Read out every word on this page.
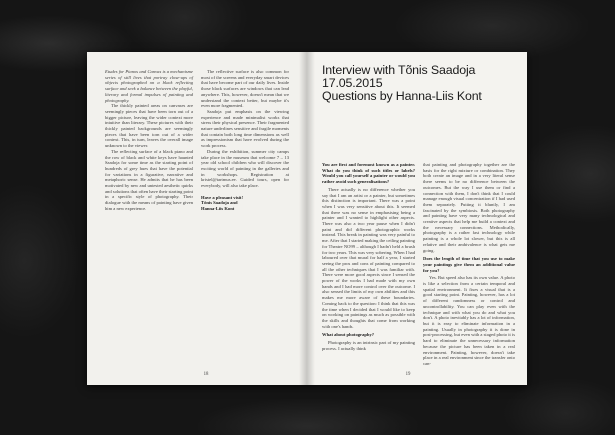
Etudes for Pianos and Canvas is a mechanisme series of still lives that portray close-ups of objects photographed on a black reflecting surface and seek a balance between the playful, literary and formal impulses of painting and photography.

The thickly painted areas on canvases are seemingly pieces that have been torn out of a bigger picture, leaving the wider context more intuitive than literary. These pictures with their thickly painted backgrounds are seemingly pieces that have been torn out of a wider context. This, in turn, leaves the overall image unknown to the viewer.

The reflecting surface of a black piano and the row of black and white keys have haunted Saadoja for some time as the starting point of hundreds of grey hues that have the potential for variations in a figurative, narrative and metaphoric sense. He admits that he has been motivated by new and untested aesthetic quirks and solutions that often have their starting point in a specific style of photography. Their dialogue with the means of painting have given him a new experience.

The reflective surface is also common for most of the screens and everyday smart devices that have become part of our daily lives. Inside those black surfaces are windows that can lead anywhere. This, however, doesn't mean that we understand the context better, but maybe it's even more fragmented.

Saadoja put emphasis on the viewing experience and made minimalist works that stress their physical presence. Their fragmented nature underlines sensitive and fragile moments that contain both long time dimensions as well as impressionism that have evolved during the work process.

During the exhibition, summer city camps take place in the museum that welcome 7 – 13 year old school children who will discover the exciting world of painting in the galleries and in workshops. Registration at kristel@tartmus.ee. Guided tours, open for everybody, will also take place.

Have a pleasant visit!
Tõnis Saadoja and
Hanna-Liis Kont
18
Interview with Tõnis Saadoja
17.05.2015
Questions by Hanna-Liis Kont

You are first and foremost known as a painter. What do you think of such titles or labels? Would you call yourself a painter or would you rather avoid such generalisations?

There actually is no difference whether you say that I am an artist or a painter, but sometimes this distinction is important. There was a point when I was very sensitive about this. It seemed that there was no sense in emphasising being a painter and I wanted to highlight other aspects. There was also a two year pause when I didn't paint and did different photographic works instead. This break in painting was very painful to me. After that I started making the ceiling painting for Theatre NO99 – although I hadn't held a brush for two years. This was very sobering. When I had laboured over that mural for half a year, I started seeing the pros and cons of painting compared to all the other techniques that I was familiar with. There were more good aspects since I sensed the power of the works I had made with my own hands and I had more control over the outcome. I also sensed the limits of my own abilities and this makes me more aware of these boundaries. Coming back to the question: I think that this was the time when I decided that I would like to keep on working on paintings as much as possible with the skills and thoughts that come from working with one's hands.

What about photography?

Photography is an intrinsic part of my painting process. I actually think

that painting and photography together are the basis for the right mixture or combination. They both create an image and in a very literal sense there seems to be no difference between the outcomes. But the way I use them or find a connection with them, I don't think that I could manage enough visual concentration if I had used them separately. Putting it bluntly, I am fascinated by the symbiosis. Both photography and painting have very many technological and creative aspects that help me build a context and the necessary connections. Methodically, photography is a rather fast technology while painting is a whole lot slower, but this is all relative and their ambivalence is what gets me going.

Does the length of time that you use to make your paintings give them an additional value for you?

Yes. But speed also has its own value. A photo is like a selection from a certain temporal and spatial environment. It fixes a visual that is a good starting point. Painting, however, has a lot of different randomness or control and uncontrollability. You can play even with the technique and with what you do and what you don't. A photo inevitably has a lot of information, but it is easy to eliminate information in a painting. Usually in photography it is done in post-processing, but even with a staged photo it is hard to eliminate the unnecessary information because the picture has been taken in a real environment. Painting, however, doesn't take place in a real environment since the transfer onto can-

19
